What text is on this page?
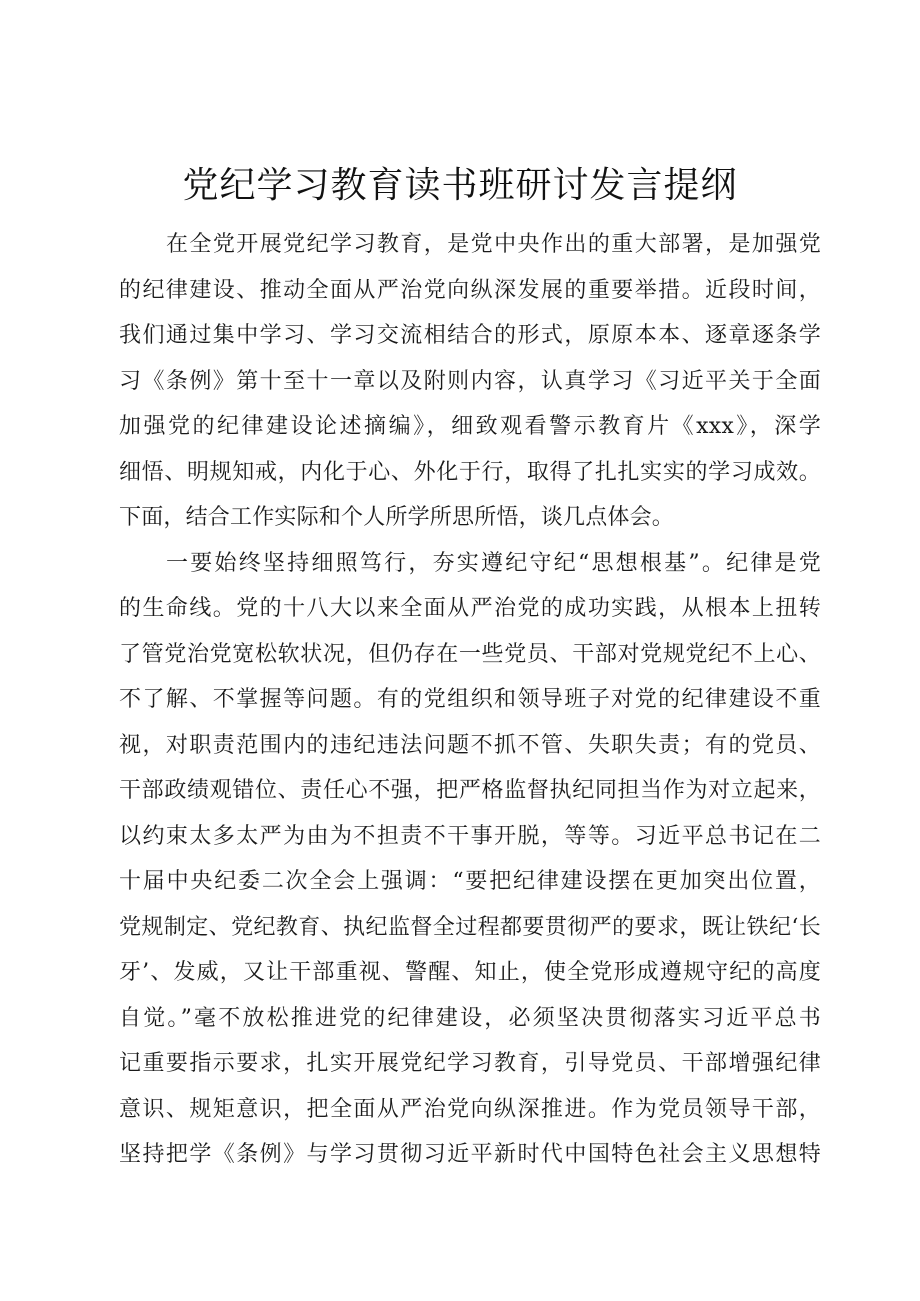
党纪学习教育读书班研讨发言提纲
在全党开展党纪学习教育，是党中央作出的重大部署，是加强党
的纪律建设、推动全面从严治党向纵深发展的重要举措。近段时间，
我们通过集中学习、学习交流相结合的形式，原原本本、逐章逐条学
习《条例》第十至十一章以及附则内容，认真学习《习近平关于全面
加强党的纪律建设论述摘编》，细致观看警示教育片《xxx》，深学
细悟、明规知戒，内化于心、外化于行，取得了扎扎实实的学习成效。
下面，结合工作实际和个人所学所思所悟，谈几点体会。
一要始终坚持细照笃行，夯实遵纪守纪“思想根基”。纪律是党
的生命线。党的十八大以来全面从严治党的成功实践，从根本上扭转
了管党治党宽松软状况，但仍存在一些党员、干部对党规党纪不上心、
不了解、不掌握等问题。有的党组织和领导班子对党的纪律建设不重
视，对职责范围内的违纪违法问题不抓不管、失职失责；有的党员、
干部政绩观错位、责任心不强，把严格监督执纪同担当作为对立起来，
以约束太多太严为由为不担责不干事开脱，等等。习近平总书记在二
十届中央纪委二次全会上强调：“要把纪律建设摆在更加突出位置，
党规制定、党纪教育、执纪监督全过程都要贯彻严的要求，既让铁纪‘长
牙’、发威，又让干部重视、警醒、知止，使全党形成遵规守纪的高度
自觉。”毫不放松推进党的纪律建设，必须坚决贯彻落实习近平总书
记重要指示要求，扎实开展党纪学习教育，引导党员、干部增强纪律
意识、规矩意识，把全面从严治党向纵深推进。作为党员领导干部，
坚持把学《条例》与学习贯彻习近平新时代中国特色社会主义思想特
